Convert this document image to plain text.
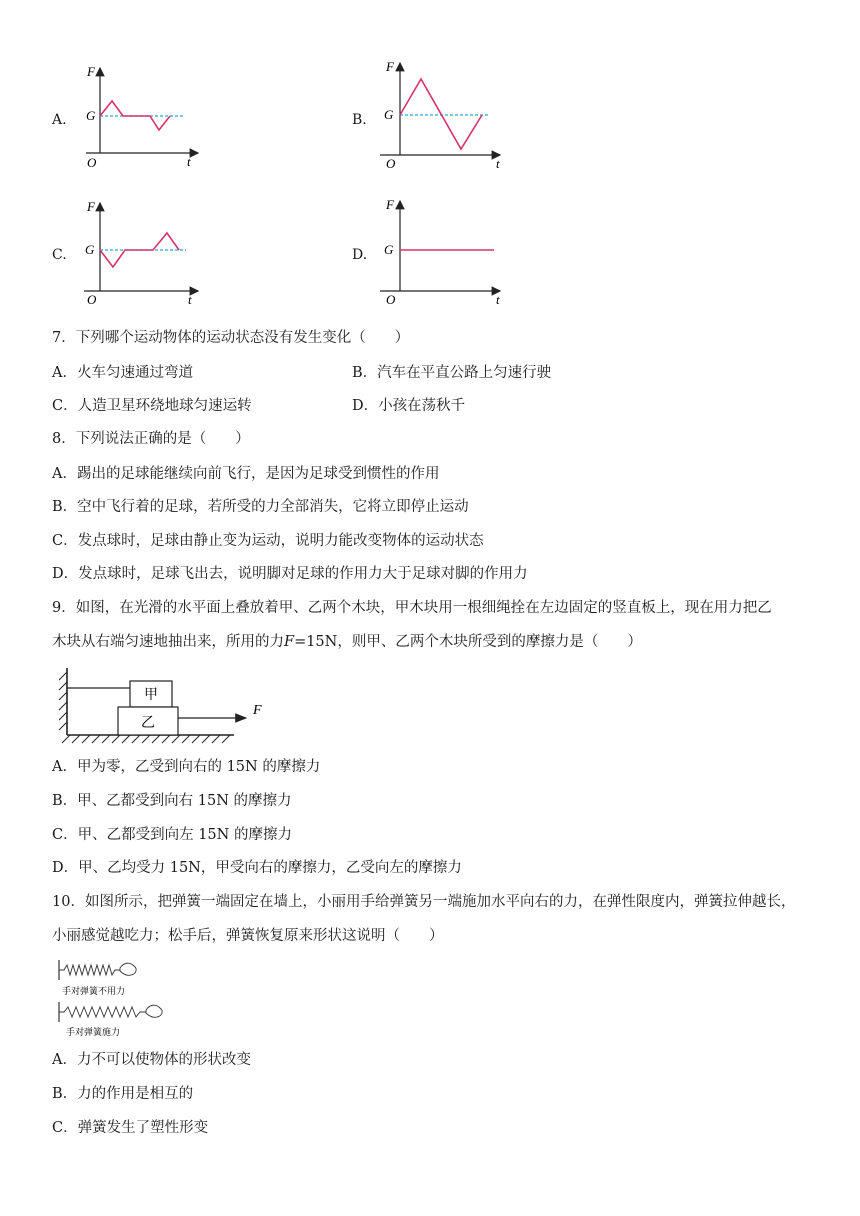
A.
F
G
O	t
B.
F
G
O	t
C.
F
G
O	t
D.
F
G
O	t
7．下列哪个运动物体的运动状态没有发生变化（　　）
A．火车匀速通过弯道	B．汽车在平直公路上匀速行驶
C．人造卫星环绕地球匀速运转	D．小孩在荡秋千
8．下列说法正确的是（　　）
A．踢出的足球能继续向前飞行，是因为足球受到惯性的作用
B．空中飞行着的足球，若所受的力全部消失，它将立即停止运动
C．发点球时，足球由静止变为运动，说明力能改变物体的运动状态
D．发点球时，足球飞出去，说明脚对足球的作用力大于足球对脚的作用力
9．如图，在光滑的水平面上叠放着甲、乙两个木块，甲木块用一根细绳拴在左边固定的竖直板上，现在用力把乙
木块从右端匀速地抽出来，所用的力F=15N，则甲、乙两个木块所受到的摩擦力是（　　）
甲
乙
F
A．甲为零，乙受到向右的 15N 的摩擦力
B．甲、乙都受到向右 15N 的摩擦力
C．甲、乙都受到向左 15N 的摩擦力
D．甲、乙均受力 15N，甲受向右的摩擦力，乙受向左的摩擦力
10．如图所示，把弹簧一端固定在墙上，小丽用手给弹簧另一端施加水平向右的力，在弹性限度内，弹簧拉伸越长，
小丽感觉越吃力；松手后，弹簧恢复原来形状这说明（　　）
手对弹簧不用力
手对弹簧施力
A．力不可以使物体的形状改变
B．力的作用是相互的
C．弹簧发生了塑性形变
